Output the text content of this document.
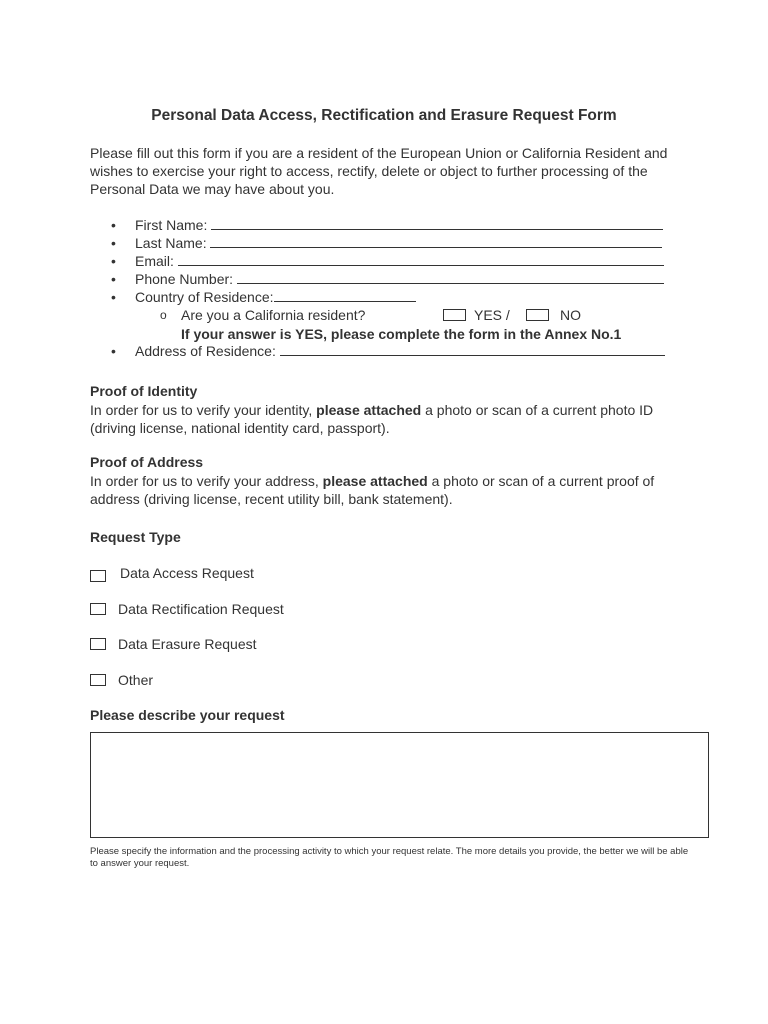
Personal Data Access, Rectification and Erasure Request Form

Please fill out this form if you are a resident of the European Union or California Resident and wishes to exercise your right to access, rectify, delete or object to further processing of the Personal Data we may have about you.

• First Name:
• Last Name:
• Email:
• Phone Number:
• Country of Residence:
o Are you a California resident?	YES /	NO
If your answer is YES, please complete the form in the Annex No.1
• Address of Residence:
Proof of Identity

In order for us to verify your identity, please attached a photo or scan of a current photo ID (driving license, national identity card, passport).

Proof of Address

In order for us to verify your address, please attached a photo or scan of a current proof of address (driving license, recent utility bill, bank statement).

Request Type
Data Access Request
Data Rectification Request
Data Erasure Request
Other
Please describe your request

Please specify the information and the processing activity to which your request relate. The more details you provide, the better we will be able to answer your request.
